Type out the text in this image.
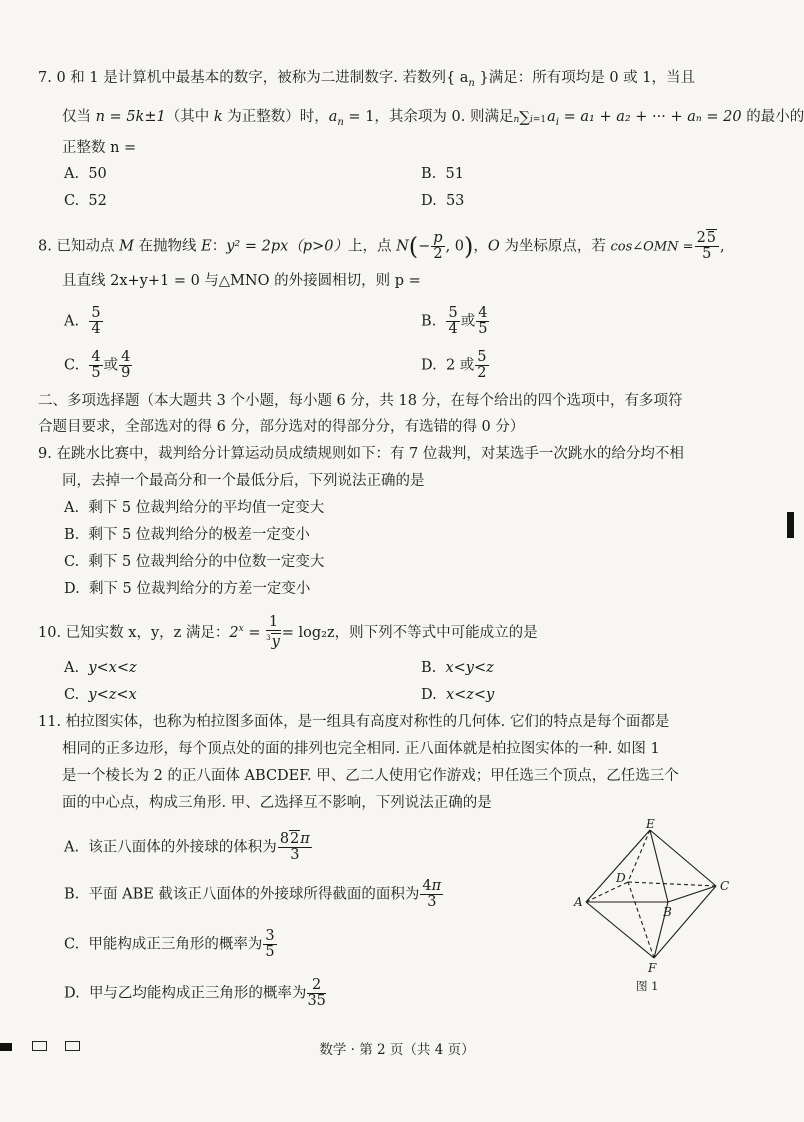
7. 0 和 1 是计算机中最基本的数字，被称为二进制数字. 若数列{ $a_n$ }满足：所有项均是 0 或 1，当且
仅当 n = 5k±1（其中 k 为正整数）时，$a_n = 1$，其余项为 0. 则满足$n\sum i=1a_i = a_1 + a_2$ + ··· + aₙ = 20 的最小的
正整数 n =
A. 50	B. 51
C. 52	D. 53
8. 已知动点 M 在抛物线 E：y² = 2px（p>0）上，点 $N(- \frac{p}{2}$ , 0)，O 为坐标原点，若 cos∠OMN = $\frac{25}{5}$ ,
且直线 2x+y+1 = 0 与△MNO 的外接圆相切，则 p =
A. $\frac{5}{4}$	B. $\frac{5}{4}$ 或 $\frac{4}{5}$
C. $\frac{4}{5}$ 或 $\frac{4}{9}$	D. 2 或 $\frac{5}{2}$
二、多项选择题（本大题共 3 个小题，每小题 6 分，共 18 分，在每个给出的四个选项中，有多项符
合题目要求，全部选对的得 6 分，部分选对的得部分分，有选错的得 0 分）
9. 在跳水比赛中，裁判给分计算运动员成绩规则如下：有 7 位裁判，对某选手一次跳水的给分均不相
同，去掉一个最高分和一个最低分后，下列说法正确的是
A. 剩下 5 位裁判给分的平均值一定变大
B. 剩下 5 位裁判给分的极差一定变小
C. 剩下 5 位裁判给分的中位数一定变大
D. 剩下 5 位裁判给分的方差一定变小
10. 已知实数 x，y，z 满足：$2^x = \frac{1}{^3y} = \log_2z$，则下列不等式中可能成立的是
A. y<x<z	B. x<y<z
C. y<z<x	D. x<z<y
11. 柏拉图实体，也称为柏拉图多面体，是一组具有高度对称性的几何体. 它们的特点是每个面都是
相同的正多边形，每个顶点处的面的排列也完全相同. 正八面体就是柏拉图实体的一种. 如图 1
是一个棱长为 2 的正八面体 ABCDEF. 甲、乙二人使用它作游戏；甲任选三个顶点，乙任选三个
面的中心点，构成三角形. 甲、乙选择互不影响，下列说法正确的是
A. 该正八面体的外接球的体积为 $\frac{82\pi}{3}$
B. 平面 ABE 截该正八面体的外接球所得截面的面积为 $\frac{4\pi}{3}$
C. 甲能构成正三角形的概率为 $\frac{3}{5}$
D. 甲与乙均能构成正三角形的概率为 $\frac{2}{35}$
E
D
C
A
B
F
图 1
数学 · 第 2 页（共 4 页）
